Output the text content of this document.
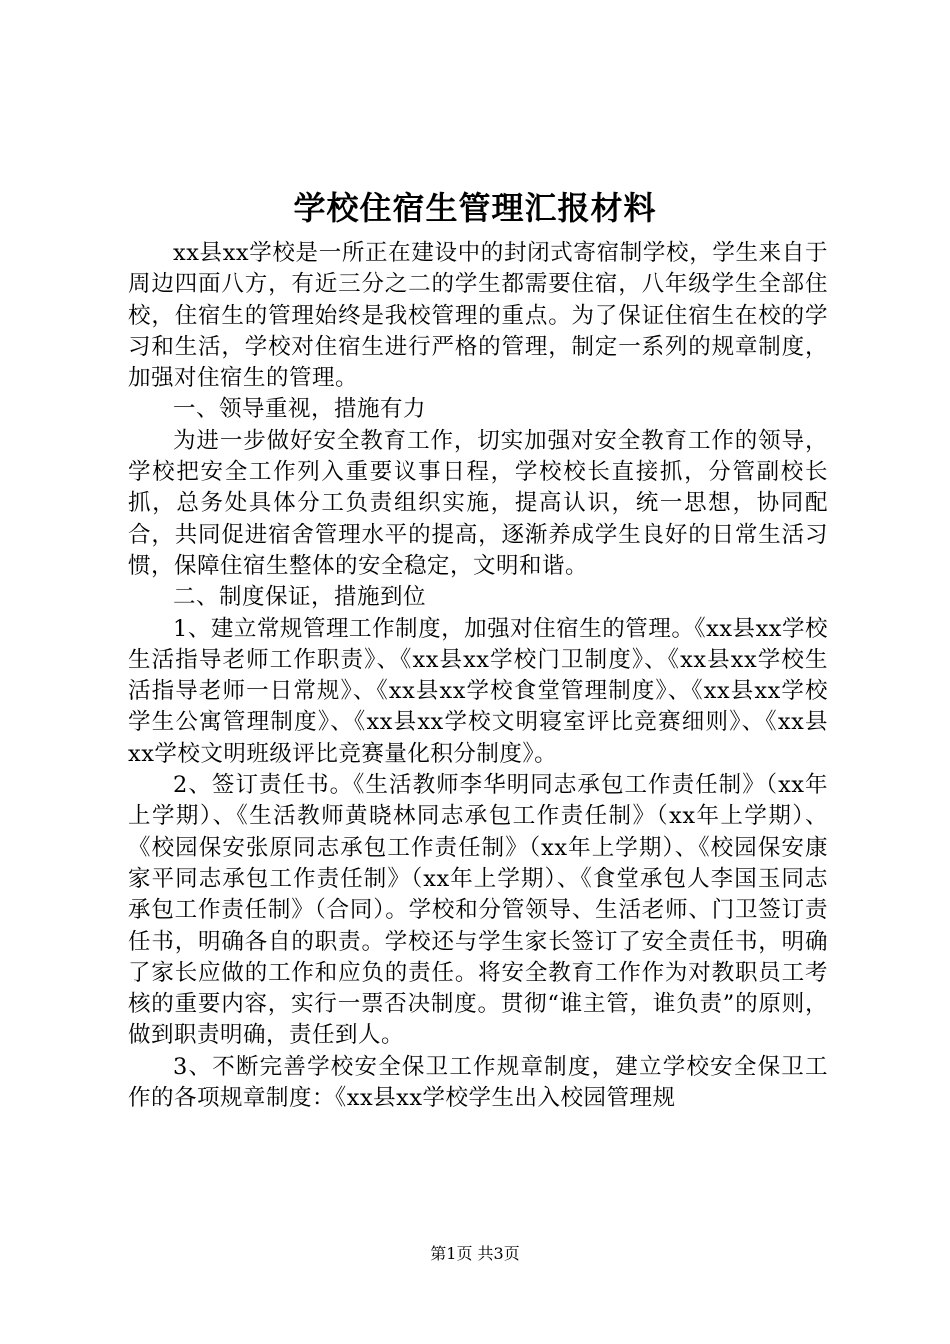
学校住宿生管理汇报材料

xx县xx学校是一所正在建设中的封闭式寄宿制学校，学生来自于周边四面八方，有近三分之二的学生都需要住宿，八年级学生全部住校，住宿生的管理始终是我校管理的重点。为了保证住宿生在校的学习和生活，学校对住宿生进行严格的管理，制定一系列的规章制度，加强对住宿生的管理。

一、领导重视，措施有力

为进一步做好安全教育工作，切实加强对安全教育工作的领导，学校把安全工作列入重要议事日程，学校校长直接抓，分管副校长抓，总务处具体分工负责组织实施，提高认识，统一思想，协同配合，共同促进宿舍管理水平的提高，逐渐养成学生良好的日常生活习惯，保障住宿生整体的安全稳定，文明和谐。

二、制度保证，措施到位

1、建立常规管理工作制度，加强对住宿生的管理。《xx县xx学校生活指导老师工作职责》、《xx县xx学校门卫制度》、《xx县xx学校生活指导老师一日常规》、《xx县xx学校食堂管理制度》、《xx县xx学校学生公寓管理制度》、《xx县xx学校文明寝室评比竞赛细则》、《xx县xx学校文明班级评比竞赛量化积分制度》。

2、签订责任书。《生活教师李华明同志承包工作责任制》（xx年上学期）、《生活教师黄晓林同志承包工作责任制》（xx年上学期）、《校园保安张原同志承包工作责任制》（xx年上学期）、《校园保安康家平同志承包工作责任制》（xx年上学期）、《食堂承包人李国玉同志承包工作责任制》（合同）。学校和分管领导、生活老师、门卫签订责任书，明确各自的职责。学校还与学生家长签订了安全责任书，明确了家长应做的工作和应负的责任。将安全教育工作作为对教职员工考核的重要内容，实行一票否决制度。贯彻“谁主管，谁负责”的原则，做到职责明确，责任到人。

3、不断完善学校安全保卫工作规章制度，建立学校安全保卫工作的各项规章制度：《xx县xx学校学生出入校园管理规

第1页 共3页
